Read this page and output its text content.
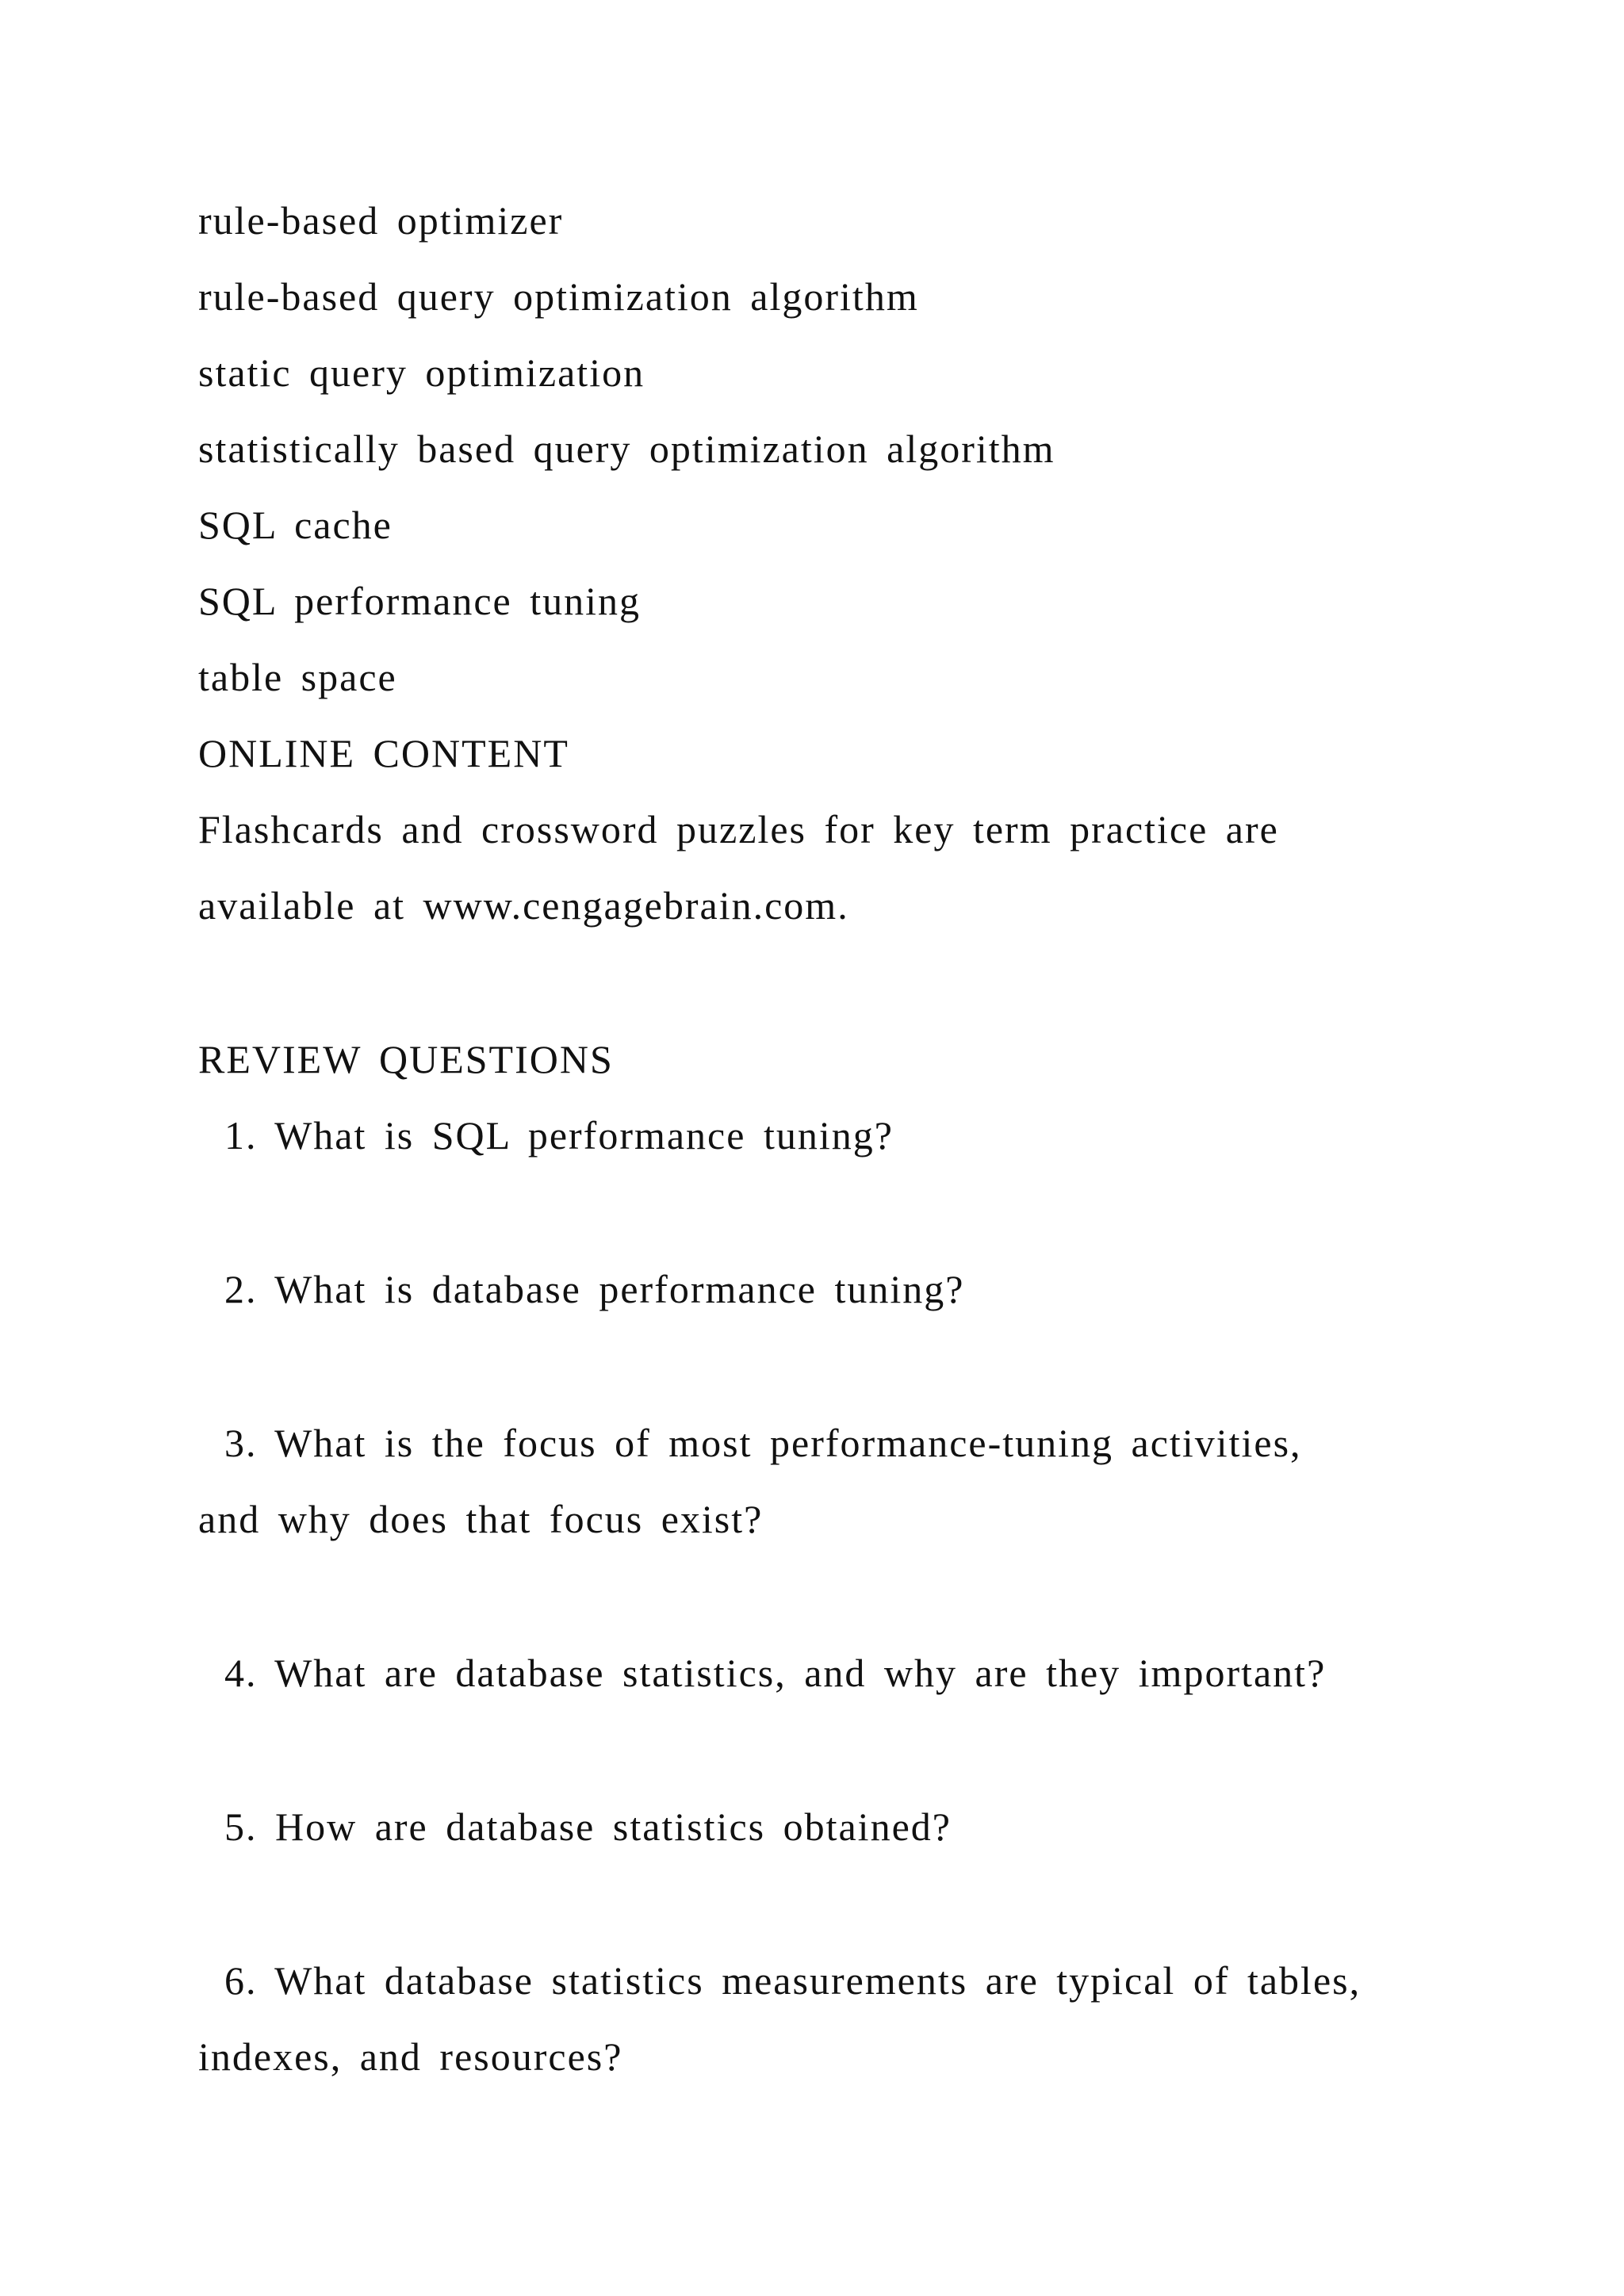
rule-based optimizer
rule-based query optimization algorithm
static query optimization
statistically based query optimization algorithm
SQL cache
SQL performance tuning
table space
ONLINE CONTENT
Flashcards and crossword puzzles for key term practice are
available at www.cengagebrain.com.
REVIEW QUESTIONS
1. What is SQL performance tuning?
2. What is database performance tuning?
3. What is the focus of most performance-tuning activities,
and why does that focus exist?
4. What are database statistics, and why are they important?
5. How are database statistics obtained?
6. What database statistics measurements are typical of tables,
indexes, and resources?
